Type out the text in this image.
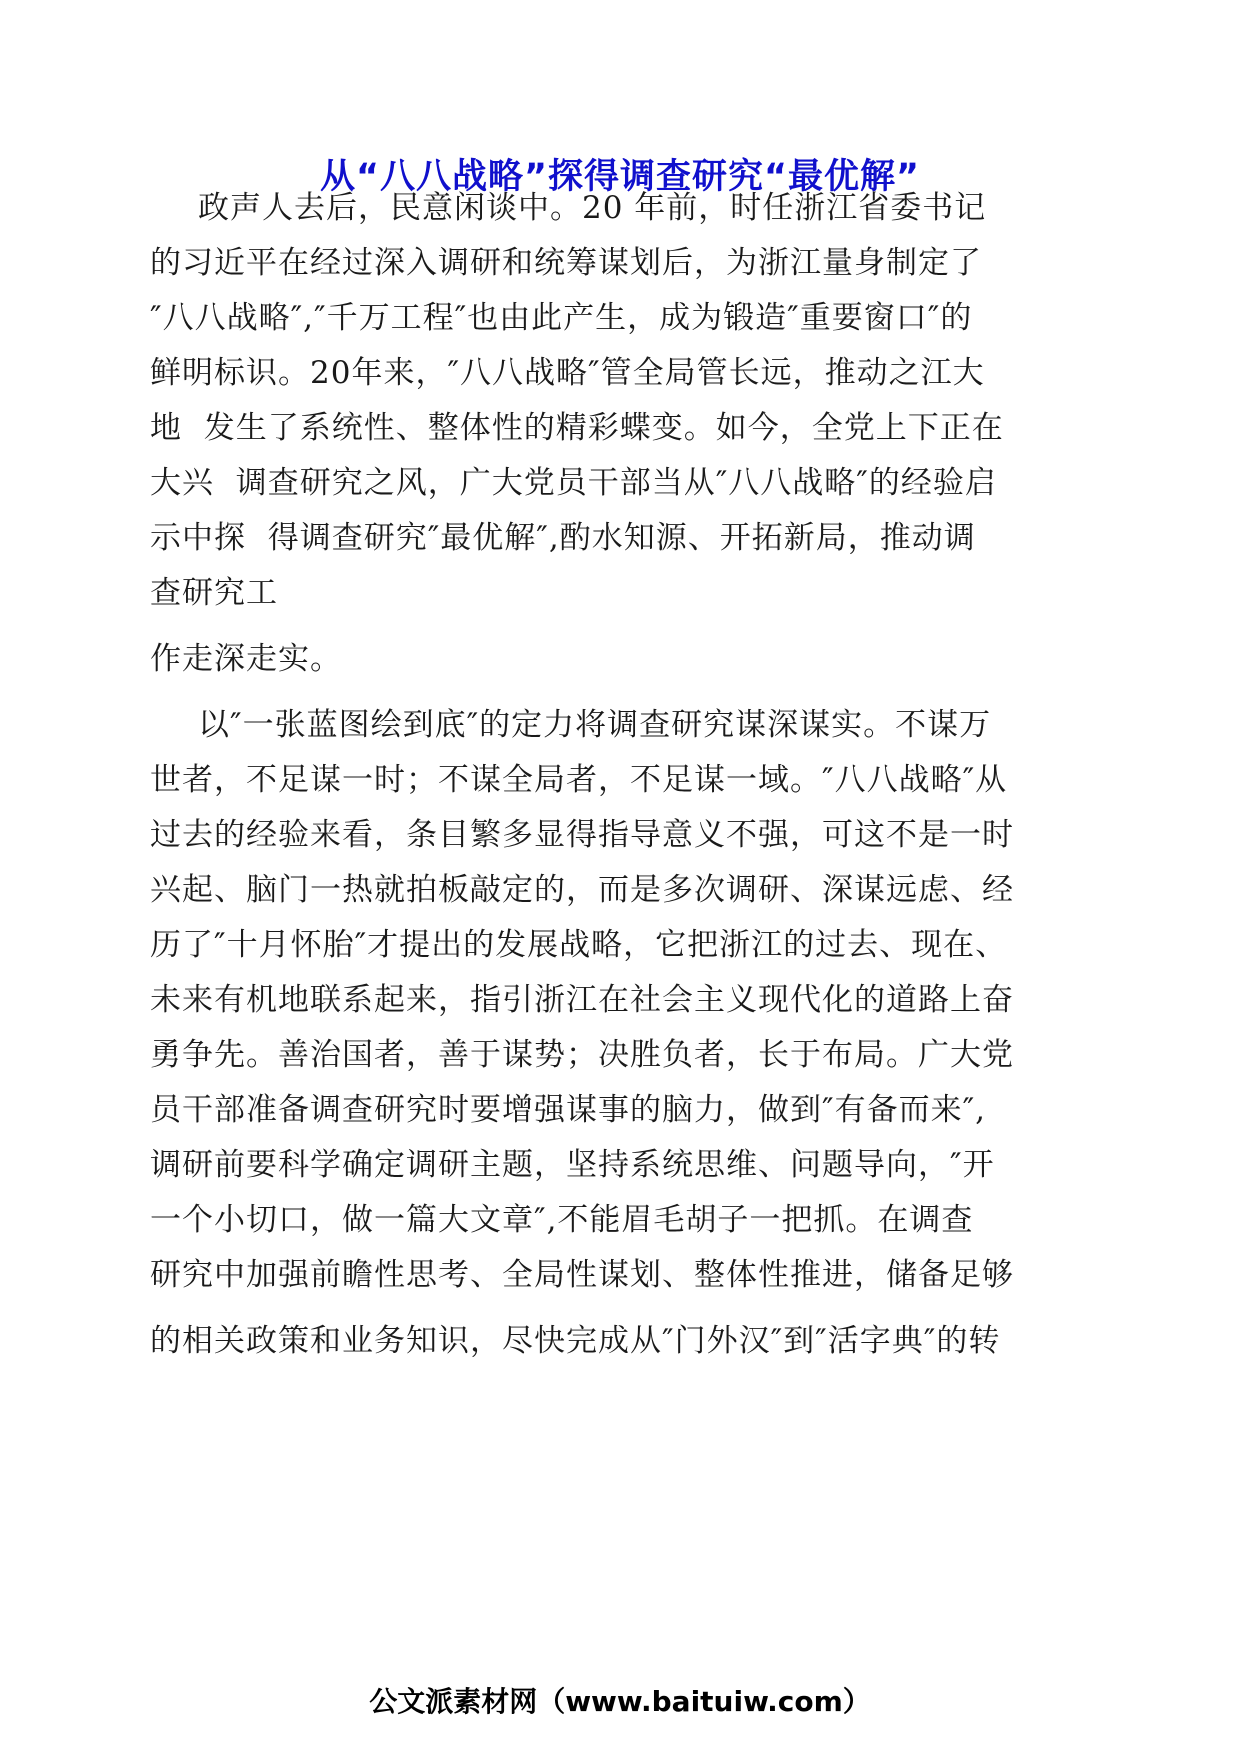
从“八八战略”探得调查研究“最优解”
政声人去后，民意闲谈中。20 年前，时任浙江省委书记
的习近平在经过深入调研和统筹谋划后，为浙江量身制定了
″八八战略″,″千万工程″也由此产生，成为锻造″重要窗口″的
鲜明标识。20年来，″八八战略″管全局管长远，推动之江大
地  发生了系统性、整体性的精彩蝶变。如今，全党上下正在
大兴  调查研究之风，广大党员干部当从″八八战略″的经验启
示中探  得调查研究″最优解″,酌水知源、开拓新局，推动调
查研究工
作走深走实。
以″一张蓝图绘到底″的定力将调查研究谋深谋实。不谋万
世者，不足谋一时；不谋全局者，不足谋一域。″八八战略″从
过去的经验来看，条目繁多显得指导意义不强，可这不是一时
兴起、脑门一热就拍板敲定的，而是多次调研、深谋远虑、经
历了″十月怀胎″才提出的发展战略，它把浙江的过去、现在、
未来有机地联系起来，指引浙江在社会主义现代化的道路上奋
勇争先。善治国者，善于谋势；决胜负者，长于布局。广大党
员干部准备调查研究时要增强谋事的脑力，做到″有备而来″,
调研前要科学确定调研主题，坚持系统思维、问题导向，″开
一个小切口，做一篇大文章″,不能眉毛胡子一把抓。在调查
研究中加强前瞻性思考、全局性谋划、整体性推进，储备足够
的相关政策和业务知识，尽快完成从″门外汉″到″活字典″的转
公文派素材网（www.baituiw.com）
